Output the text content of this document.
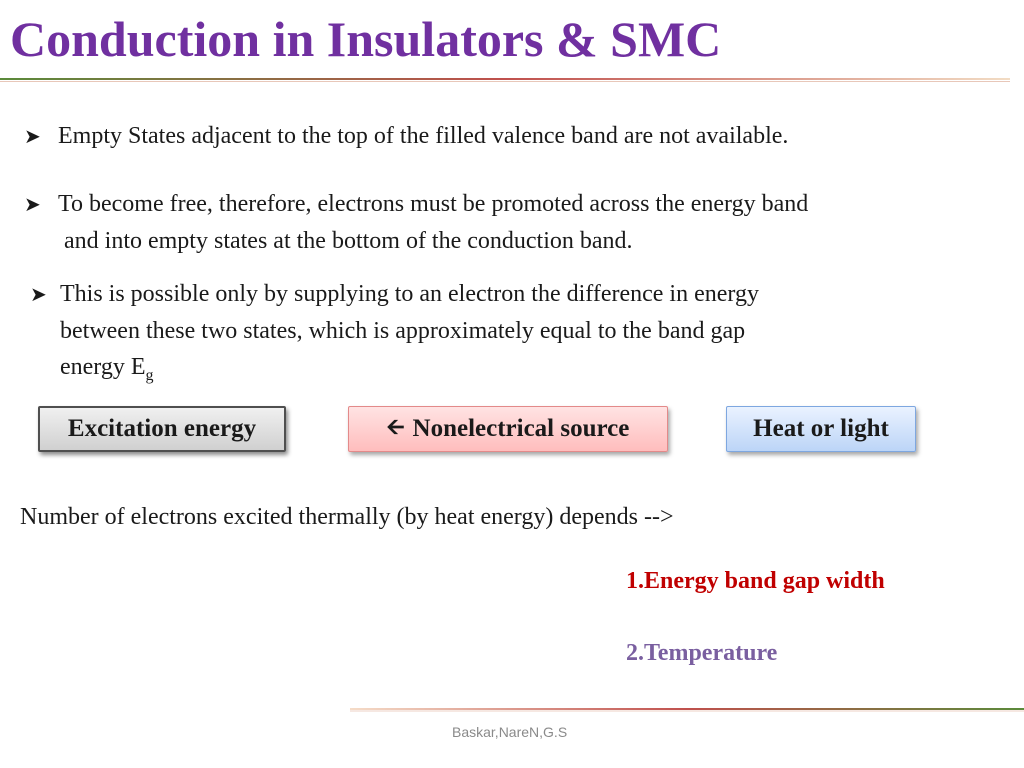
Conduction in Insulators & SMC
➤ Empty States adjacent to the top of the filled valence band are not available.
➤ To become free, therefore, electrons must be promoted across the energy band
and into empty states at the bottom of the conduction band.
➤ This is possible only by supplying to an electron the difference in energy
between these two states, which is approximately equal to the band gap
energy $E_g$
Excitation energy	🡨 Nonelectrical source	Heat or light
Number of electrons excited thermally (by heat energy) depends -->
1.Energy band gap width
2.Temperature
Baskar,NareN,G.S
